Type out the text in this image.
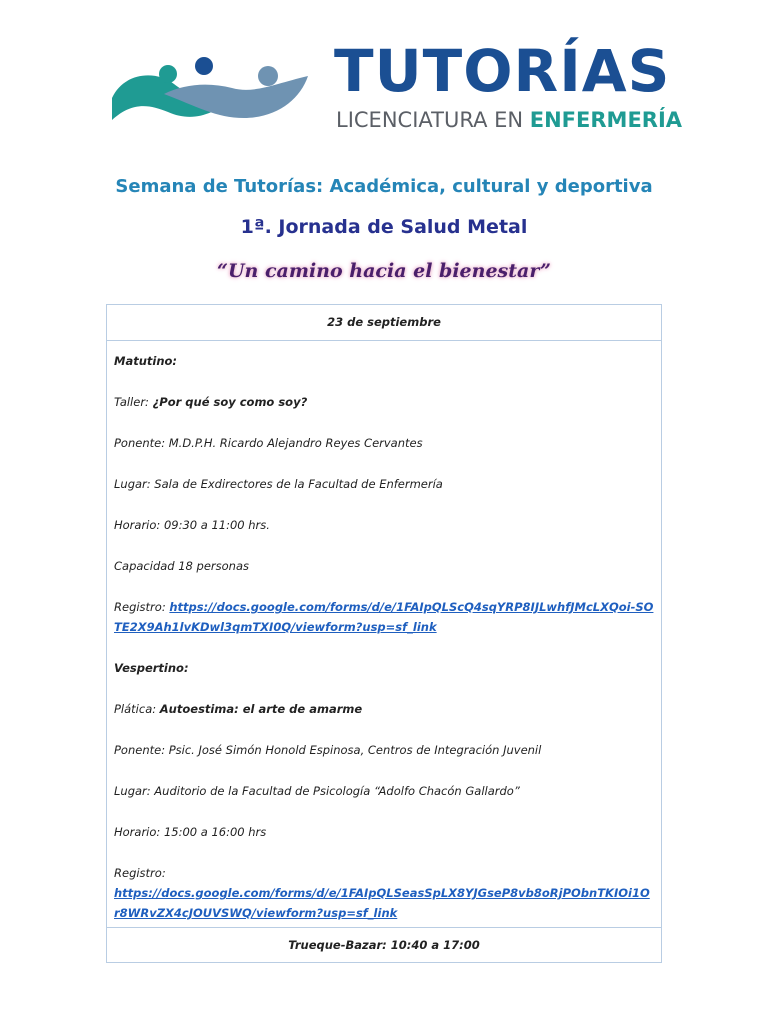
TUTORÍAS
LICENCIATURA EN ENFERMERÍA
Semana de Tutorías: Académica, cultural y deportiva
1ª. Jornada de Salud Metal
“Un camino hacia el bienestar”
23 de septiembre

Matutino:

Taller: ¿Por qué soy como soy?

Ponente: M.D.P.H. Ricardo Alejandro Reyes Cervantes

Lugar: Sala de Exdirectores de la Facultad de Enfermería

Horario: 09:30 a 11:00 hrs.

Capacidad 18 personas

Registro: https://docs.google.com/forms/d/e/1FAIpQLScQ4sqYRP8IJLwhfJMcLXQoi-SOTE2X9Ah1lvKDwl3qmTXI0Q/viewform?usp=sf_link

Vespertino:

Plática: Autoestima: el arte de amarme

Ponente: Psic. José Simón Honold Espinosa, Centros de Integración Juvenil

Lugar: Auditorio de la Facultad de Psicología “Adolfo Chacón Gallardo”

Horario: 15:00 a 16:00 hrs

Registro:
https://docs.google.com/forms/d/e/1FAIpQLSeasSpLX8YJGseP8vb8oRjPObnTKIOi1Or8WRvZX4cJOUVSWQ/viewform?usp=sf_link

Trueque-Bazar: 10:40 a 17:00
